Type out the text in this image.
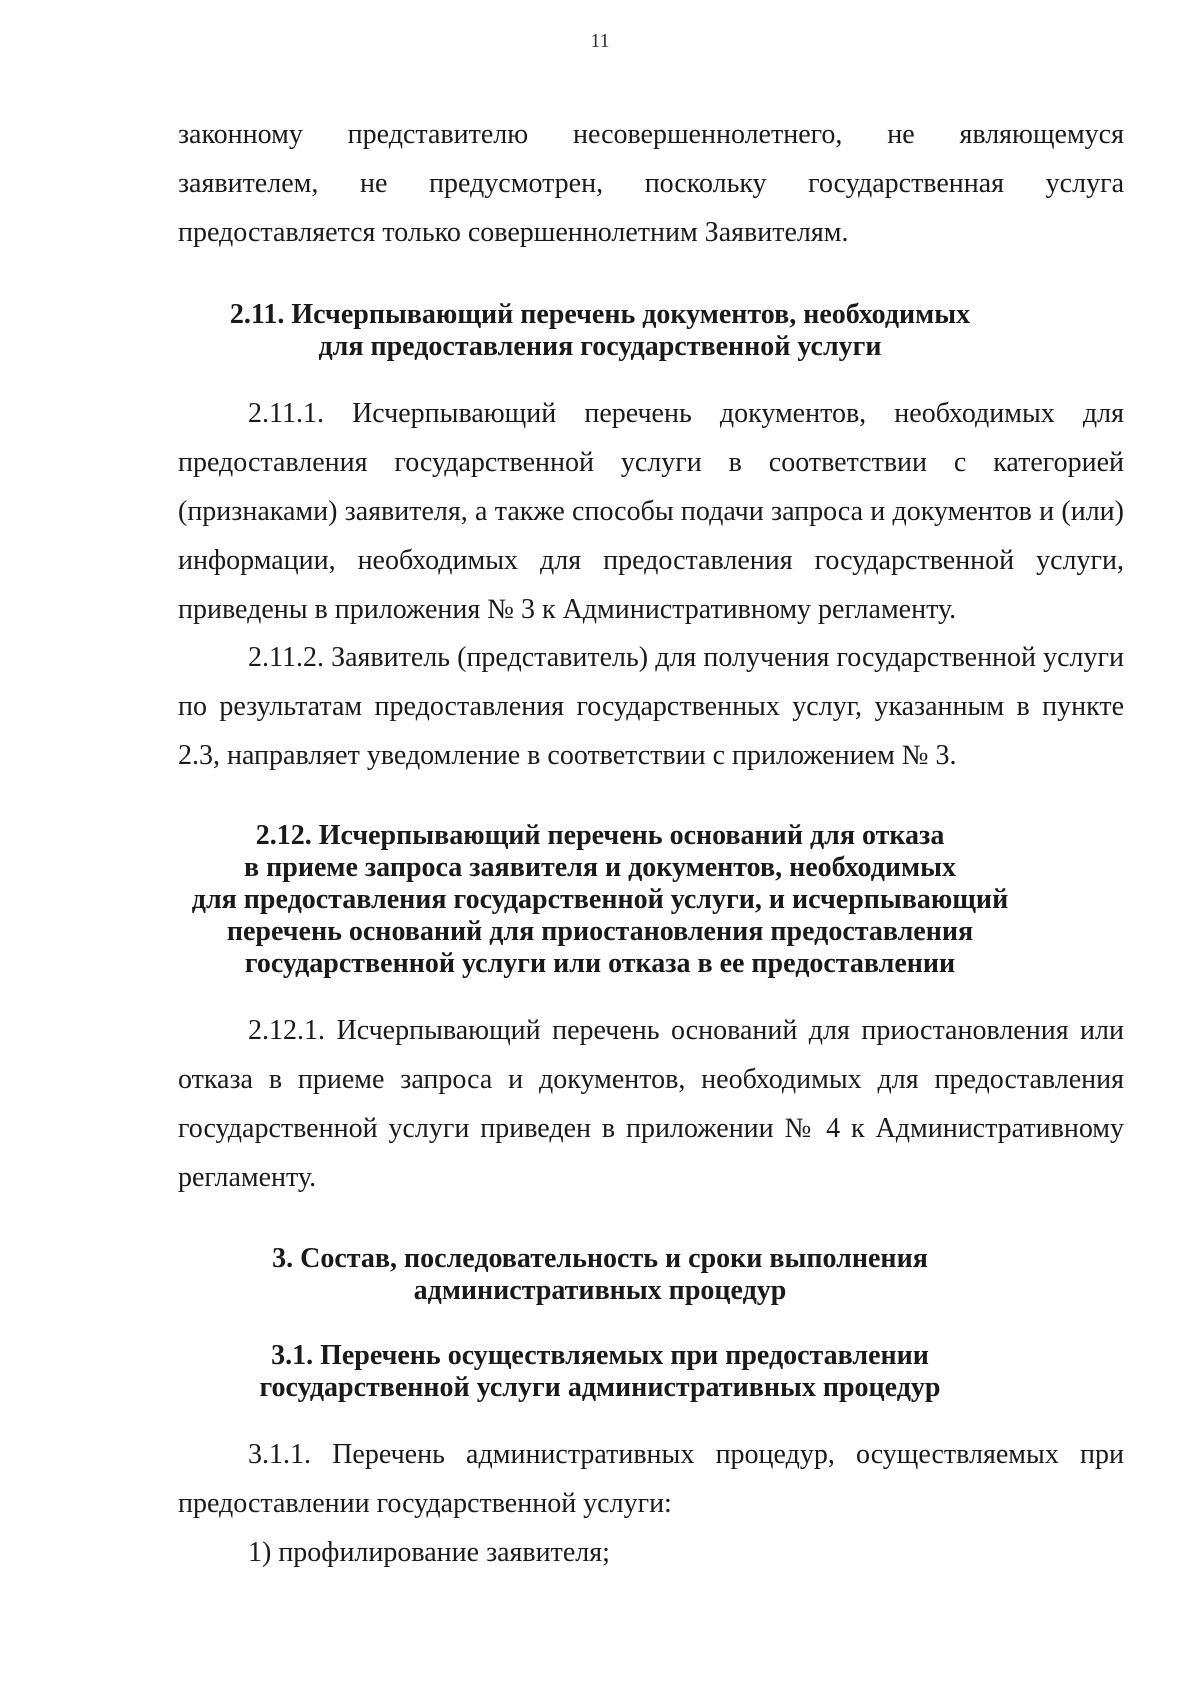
11
законному представителю несовершеннолетнего, не являющемуся
заявителем, не предусмотрен, поскольку государственная услуга
предоставляется только совершеннолетним Заявителям.
2.11. Исчерпывающий перечень документов, необходимых
для предоставления государственной услуги
2.11.1. Исчерпывающий перечень документов, необходимых для предоставления государственной услуги в соответствии с категорией (признаками) заявителя, а также способы подачи запроса и документов и (или) информации, необходимых для предоставления государственной услуги, приведены в приложения № 3 к Административному регламенту.
2.11.2. Заявитель (представитель) для получения государственной услуги по результатам предоставления государственных услуг, указанным в пункте 2.3, направляет уведомление в соответствии с приложением № 3.
2.12. Исчерпывающий перечень оснований для отказа
в приеме запроса заявителя и документов, необходимых
для предоставления государственной услуги, и исчерпывающий
перечень оснований для приостановления предоставления
государственной услуги или отказа в ее предоставлении
2.12.1. Исчерпывающий перечень оснований для приостановления или отказа в приеме запроса и документов, необходимых для предоставления государственной услуги приведен в приложении № 4 к Административному регламенту.
3. Состав, последовательность и сроки выполнения
административных процедур
3.1. Перечень осуществляемых при предоставлении
государственной услуги административных процедур
3.1.1. Перечень административных процедур, осуществляемых при предоставлении государственной услуги:
1) профилирование заявителя;
